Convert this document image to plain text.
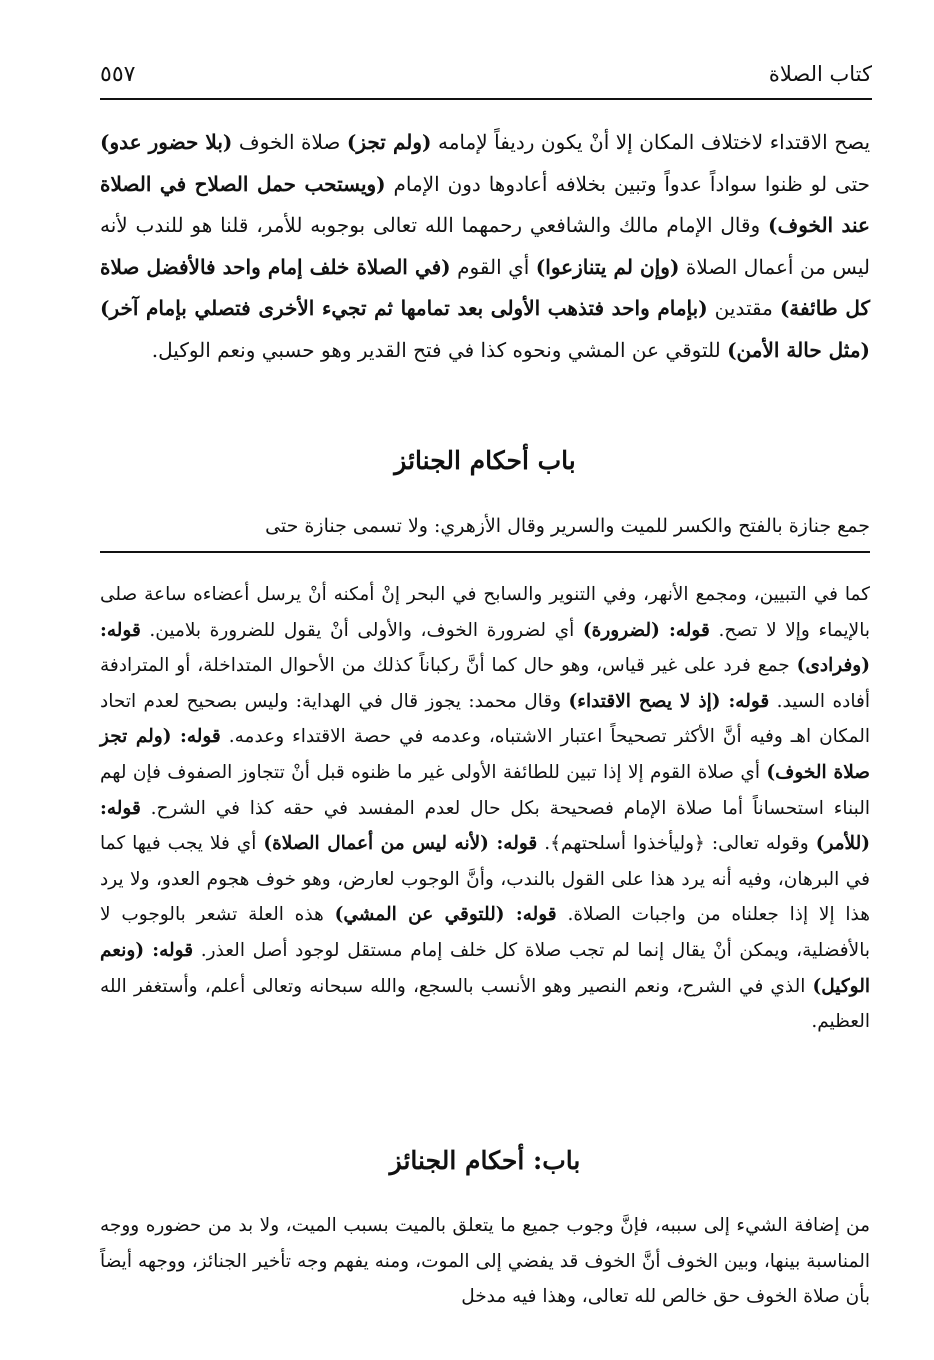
كتاب الصلاة
٥٥٧

يصح الاقتداء لاختلاف المكان إلا أنْ يكون رديفاً لإمامه (ولم تجز) صلاة الخوف (بلا حضور عدو) حتى لو ظنوا سواداً عدواً وتبين بخلافه أعادوها دون الإمام (ويستحب حمل الصلاح في الصلاة عند الخوف) وقال الإمام مالك والشافعي رحمهما الله تعالى بوجوبه للأمر، قلنا هو للندب لأنه ليس من أعمال الصلاة (وإن لم يتنازعوا) أي القوم (في الصلاة خلف إمام واحد فالأفضل صلاة كل طائفة) مقتدين (بإمام واحد فتذهب الأولى بعد تمامها ثم تجيء الأخرى فتصلي بإمام آخر) (مثل حالة الأمن) للتوقي عن المشي ونحوه كذا في فتح القدير وهو حسبي ونعم الوكيل.

باب أحكام الجنائز

جمع جنازة بالفتح والكسر للميت والسرير وقال الأزهري: ولا تسمى جنازة حتى

كما في التبيين، ومجمع الأنهر، وفي التنوير والسابح في البحر إنْ أمكنه أنْ يرسل أعضاءه ساعة صلى بالإيماء وإلا لا تصح. قوله: (لضرورة) أي لضرورة الخوف، والأولى أنْ يقول للضرورة بلامين. قوله: (وفرادى) جمع فرد على غير قياس، وهو حال كما أنَّ ركباناً كذلك من الأحوال المتداخلة، أو المترادفة أفاده السيد. قوله: (إذ لا يصح الاقتداء) وقال محمد: يجوز قال في الهداية: وليس بصحيح لعدم اتحاد المكان اهـ وفيه أنَّ الأكثر تصحيحاً اعتبار الاشتباه، وعدمه في حصة الاقتداء وعدمه. قوله: (ولم تجز صلاة الخوف) أي صلاة القوم إلا إذا تبين للطائفة الأولى غير ما ظنوه قبل أنْ تتجاوز الصفوف فإن لهم البناء استحساناً أما صلاة الإمام فصحيحة بكل حال لعدم المفسد في حقه كذا في الشرح. قوله: (للأمر) وقوله تعالى: ﴿وليأخذوا أسلحتهم﴾. قوله: (لأنه ليس من أعمال الصلاة) أي فلا يجب فيها كما في البرهان، وفيه أنه يرد هذا على القول بالندب، وأنَّ الوجوب لعارض، وهو خوف هجوم العدو، ولا يرد هذا إلا إذا جعلناه من واجبات الصلاة. قوله: (للتوقي عن المشي) هذه العلة تشعر بالوجوب لا بالأفضلية، ويمكن أنْ يقال إنما لم تجب صلاة كل خلف إمام مستقل لوجود أصل العذر. قوله: (ونعم الوكيل) الذي في الشرح، ونعم النصير وهو الأنسب بالسجع، والله سبحانه وتعالى أعلم، وأستغفر الله العظيم.

باب: أحكام الجنائز

من إضافة الشيء إلى سببه، فإنَّ وجوب جميع ما يتعلق بالميت بسبب الميت، ولا بد من حضوره ووجه المناسبة بينها، وبين الخوف أنَّ الخوف قد يفضي إلى الموت، ومنه يفهم وجه تأخير الجنائز، ووجهه أيضاً بأن صلاة الخوف حق خالص لله تعالى، وهذا فيه مدخل
